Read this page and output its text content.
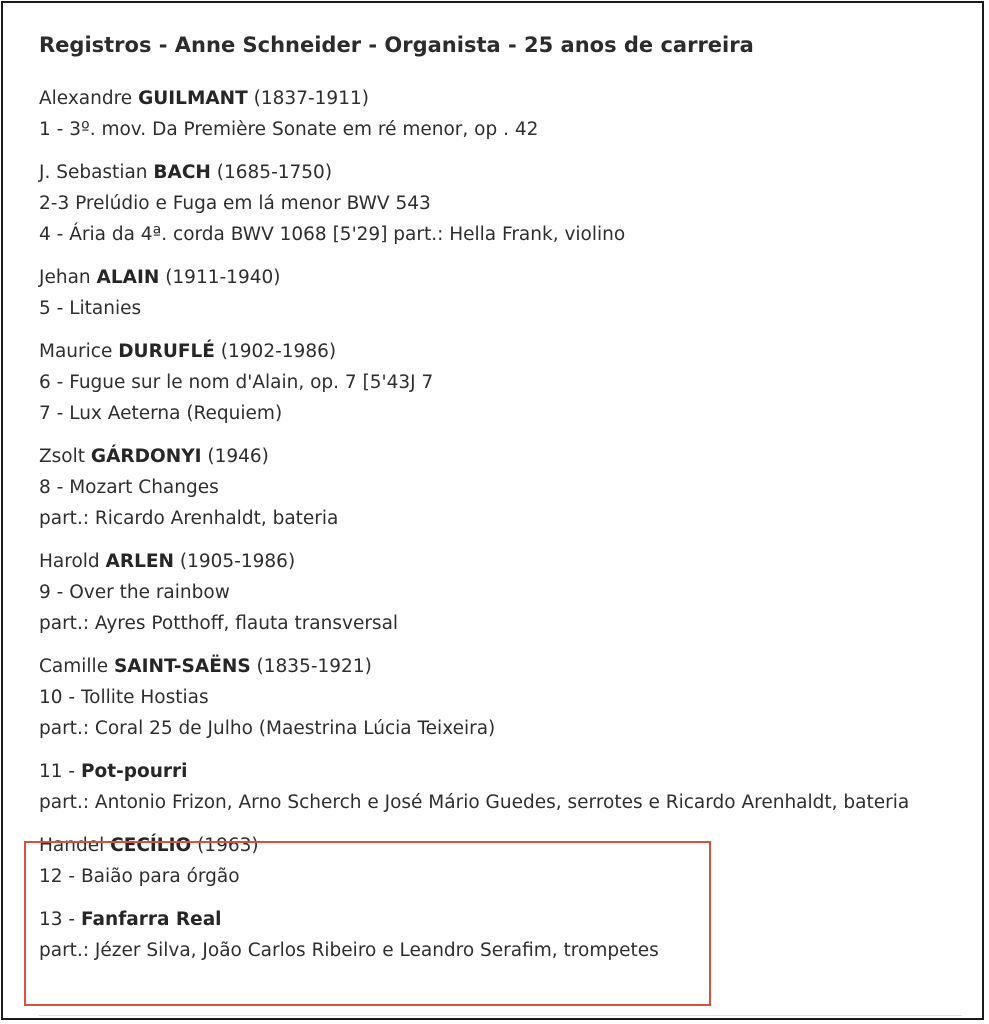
Registros - Anne Schneider - Organista - 25 anos de carreira
Alexandre GUILMANT (1837-1911)
1 - 3º. mov. Da Première Sonate em ré menor, op . 42
J. Sebastian BACH (1685-1750)
2-3 Prelúdio e Fuga em lá menor BWV 543
4 - Ária da 4ª. corda BWV 1068 [5'29] part.: Hella Frank, violino
Jehan ALAIN (1911-1940)
5 - Litanies
Maurice DURUFLÉ (1902-1986)
6 - Fugue sur le nom d'Alain, op. 7 [5'43J 7
7 - Lux Aeterna (Requiem)
Zsolt GÁRDONYI (1946)
8 - Mozart Changes
part.: Ricardo Arenhaldt, bateria
Harold ARLEN (1905-1986)
9 - Over the rainbow
part.: Ayres Potthoff, flauta transversal
Camille SAINT-SAËNS (1835-1921)
10 - Tollite Hostias
part.: Coral 25 de Julho (Maestrina Lúcia Teixeira)
11 - Pot-pourri
part.: Antonio Frizon, Arno Scherch e José Mário Guedes, serrotes e Ricardo Arenhaldt, bateria
Handel CECÍLIO (1963)
12 - Baião para órgão
13 - Fanfarra Real
part.: Jézer Silva, João Carlos Ribeiro e Leandro Serafim, trompetes
